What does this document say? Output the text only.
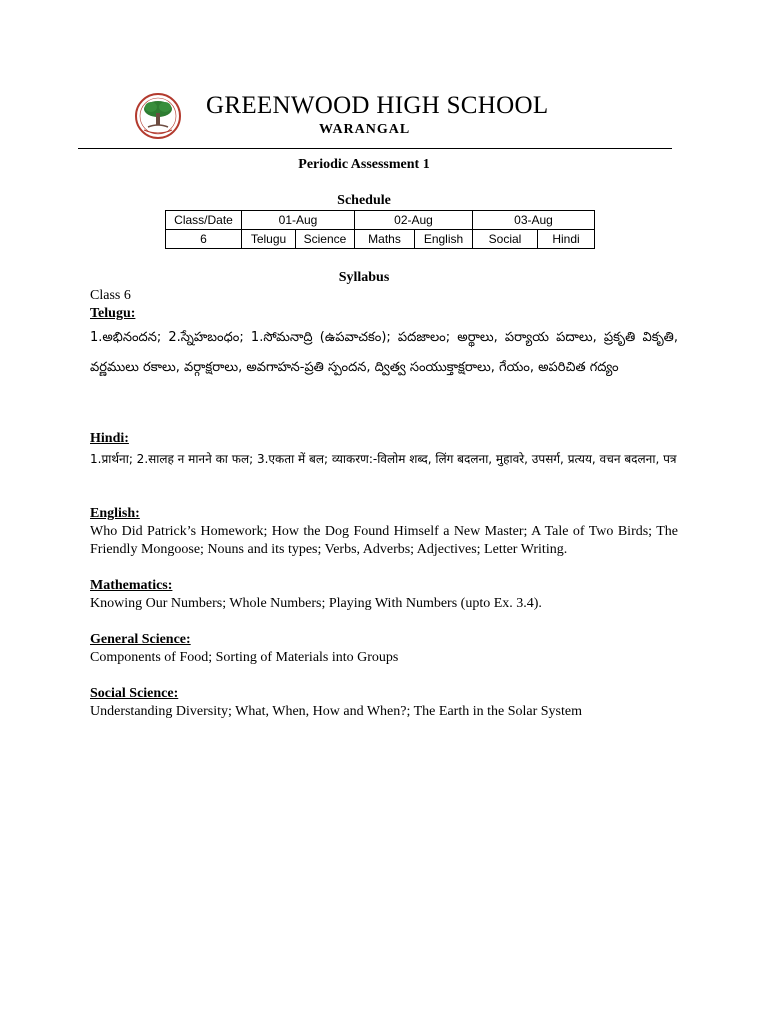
GREENWOOD HIGH SCHOOL
WARANGAL
Periodic Assessment 1
Schedule
Class/Date	01-Aug		02-Aug		03-Aug	
6	Telugu	Science	Maths	English	Social	Hindi
Syllabus
Class 6
Telugu:
1.అభినందన; 2.స్నేహబంధం; 1.సోమనాద్రి (ఉపవాచకం); పదజాలం; అర్థాలు, పర్యాయ పదాలు, ప్రకృతి వికృతి, వర్ణములు రకాలు, వర్గాక్షరాలు, అవగాహన-ప్రతి స్పందన, ద్విత్వ సంయుక్తాక్షరాలు, గేయం, అపరిచిత గద్యం
Hindi:
1.प्रार्थना; 2.सालह न मानने का फल; 3.एकता में बल; व्याकरण:-विलोम शब्द, लिंग बदलना, मुहावरे, उपसर्ग, प्रत्यय, वचन बदलना, पत्र
English:
Who Did Patrick’s Homework; How the Dog Found Himself a New Master; A Tale of Two Birds; The Friendly Mongoose; Nouns and its types; Verbs, Adverbs; Adjectives; Letter Writing.
Mathematics:
Knowing Our Numbers; Whole Numbers; Playing With Numbers (upto Ex. 3.4).
General Science:
Components of Food; Sorting of Materials into Groups
Social Science:
Understanding Diversity; What, When, How and When?; The Earth in the Solar System
